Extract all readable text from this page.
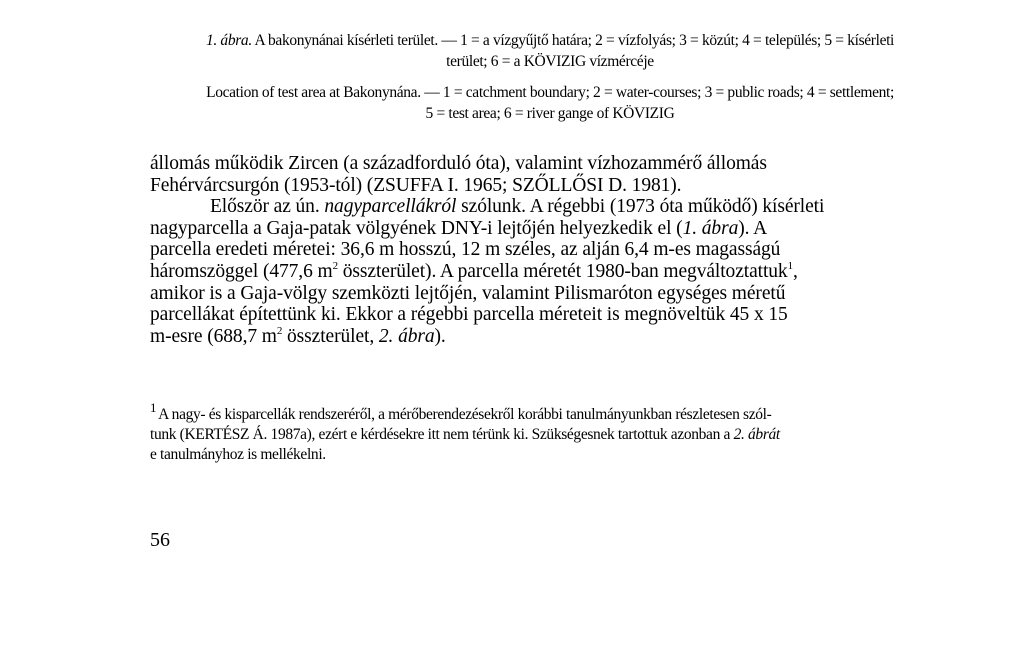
1. ábra. A bakonynánai kísérleti terület. — 1 = a vízgyűjtő határa; 2 = vízfolyás; 3 = közút; 4 = település; 5 = kísérleti
terület; 6 = a KÖVIZIG vízmércéje
Location of test area at Bakonynána. — 1 = catchment boundary; 2 = water-courses; 3 = public roads; 4 = settlement;
5 = test area; 6 = river gange of KÖVIZIG
állomás működik Zircen (a századforduló óta), valamint vízhozammérő állomás
Fehérvárcsurgón (1953-tól) (ZSUFFA I. 1965; SZŐLLŐSI D. 1981).
Először az ún. nagyparcellákról szólunk. A régebbi (1973 óta működő) kísérleti
nagyparcella a Gaja-patak völgyének DNY-i lejtőjén helyezkedik el (1. ábra). A
parcella eredeti méretei: 36,6 m hosszú, 12 m széles, az alján 6,4 m-es magasságú
háromszöggel (477,6 $m^2$ összterület). A parcella méretét 1980-ban megváltoztattuk$^1$,
amikor is a Gaja-völgy szemközti lejtőjén, valamint Pilismaróton egységes méretű
parcellákat építettünk ki. Ekkor a régebbi parcella méreteit is megnöveltük 45 x 15
m-esre (688,7 $m^2$ összterület, 2. ábra).
$^1$ A nagy- és kisparcellák rendszeréről, a mérőberendezésekről korábbi tanulmányunkban részletesen szól-
tunk (KERTÉSZ Á. 1987a), ezért e kérdésekre itt nem térünk ki. Szükségesnek tartottuk azonban a 2. ábrát
e tanulmányhoz is mellékelni.
56
